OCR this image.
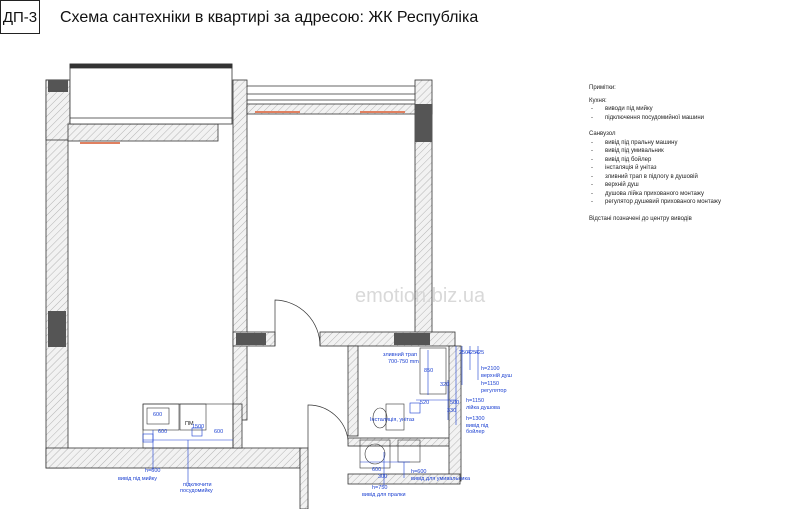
ДП-3 Схема сантехніки в квартирі за адресою: ЖК Республіка
Примітки:
Кухня:
- виводи під мийку
- підключення посудомийної машини
Санвузол
- вивід під пральну машину
- вивід під умивальник
- вивід під бойлер
- інсталяція й унітаз
- зливний трап в підлогу в душовій
- верхній душ
- душова лійка прихованого монтажу
- регулятор душевий прихованого монтажу
Відстані позначені до центру виводів
emotion.biz.ua
ПМ
600
1500
600	600
h=600
вивід під мийку
підключити
посудомийку
зливний трап
700-750 mm
850
250
425
425
h=2100
верхній душ
320	h=1150
регулятор
520	500
330
h=1150
лійка душова
Інсталяція, унітаз	h=1300
вивід під
бойлер
600
300
h=600
вивід для умивальника
h=750
вивід для пралки
